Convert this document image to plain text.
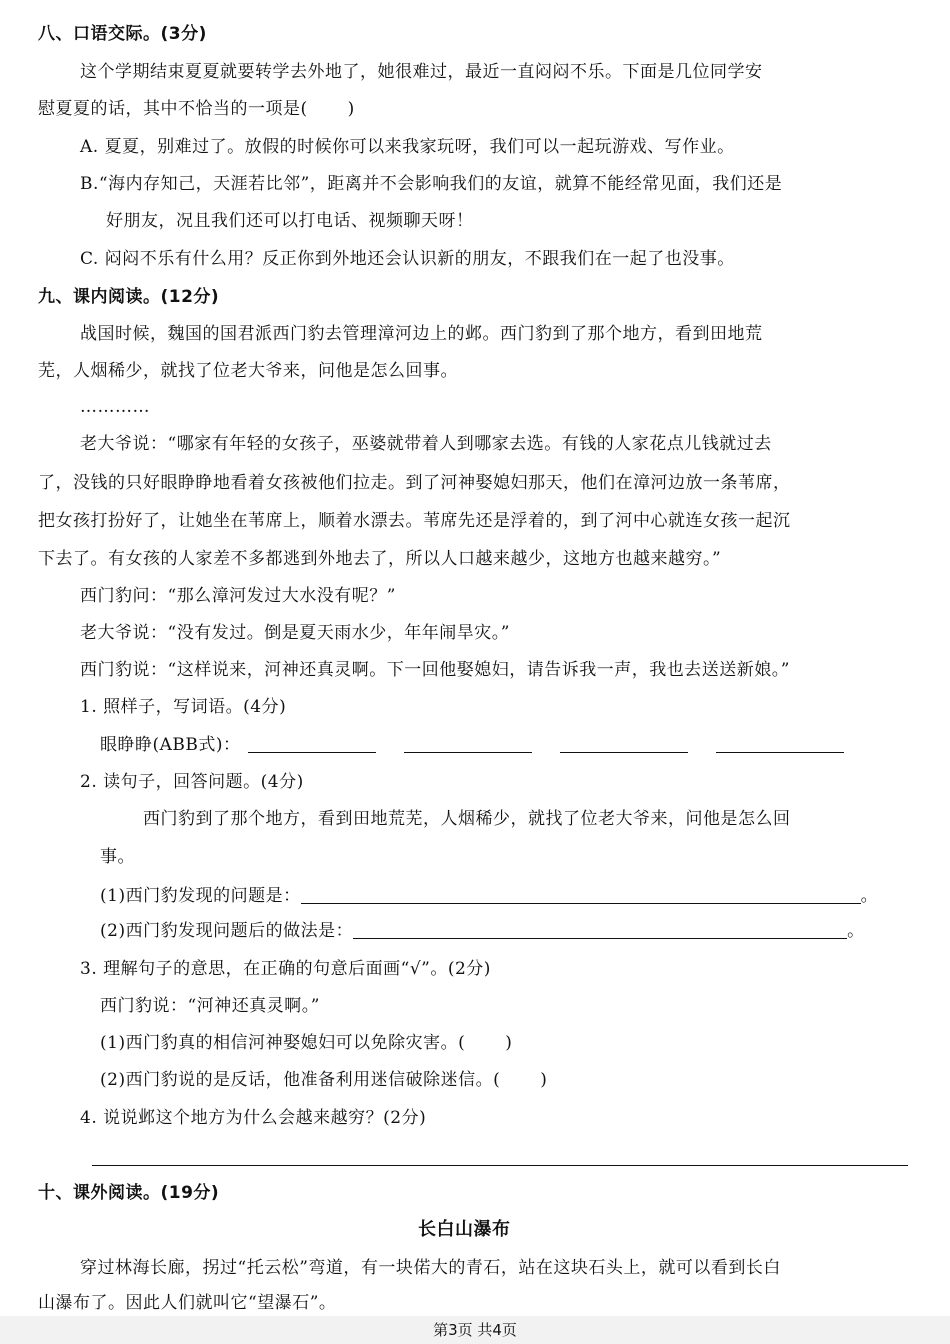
八、口语交际。(3分)
这个学期结束夏夏就要转学去外地了，她很难过，最近一直闷闷不乐。下面是几位同学安
慰夏夏的话，其中不恰当的一项是( )
A. 夏夏，别难过了。放假的时候你可以来我家玩呀，我们可以一起玩游戏、写作业。
B.“海内存知己，天涯若比邻”，距离并不会影响我们的友谊，就算不能经常见面，我们还是
好朋友，况且我们还可以打电话、视频聊天呀！
C. 闷闷不乐有什么用？反正你到外地还会认识新的朋友，不跟我们在一起了也没事。
九、课内阅读。(12分)
战国时候，魏国的国君派西门豹去管理漳河边上的邺。西门豹到了那个地方，看到田地荒
芜，人烟稀少，就找了位老大爷来，问他是怎么回事。
…………
老大爷说：“哪家有年轻的女孩子，巫婆就带着人到哪家去选。有钱的人家花点儿钱就过去
了，没钱的只好眼睁睁地看着女孩被他们拉走。到了河神娶媳妇那天，他们在漳河边放一条苇席，
把女孩打扮好了，让她坐在苇席上，顺着水漂去。苇席先还是浮着的，到了河中心就连女孩一起沉
下去了。有女孩的人家差不多都逃到外地去了，所以人口越来越少，这地方也越来越穷。”
西门豹问：“那么漳河发过大水没有呢？”
老大爷说：“没有发过。倒是夏天雨水少，年年闹旱灾。”
西门豹说：“这样说来，河神还真灵啊。下一回他娶媳妇，请告诉我一声，我也去送送新娘。”
1. 照样子，写词语。(4分)
眼睁睁(ABB式)：
2. 读句子，回答问题。(4分)
西门豹到了那个地方，看到田地荒芜，人烟稀少，就找了位老大爷来，问他是怎么回
事。
(1)西门豹发现的问题是：	。
(2)西门豹发现问题后的做法是：	。
3. 理解句子的意思，在正确的句意后面画“√”。(2分)
西门豹说：“河神还真灵啊。”
(1)西门豹真的相信河神娶媳妇可以免除灾害。( )
(2)西门豹说的是反话，他准备利用迷信破除迷信。( )
4. 说说邺这个地方为什么会越来越穷？(2分)
十、课外阅读。(19分)
长白山瀑布
穿过林海长廊，拐过“托云松”弯道，有一块偌大的青石，站在这块石头上，就可以看到长白
山瀑布了。因此人们就叫它“望瀑石”。
第3页 共4页
